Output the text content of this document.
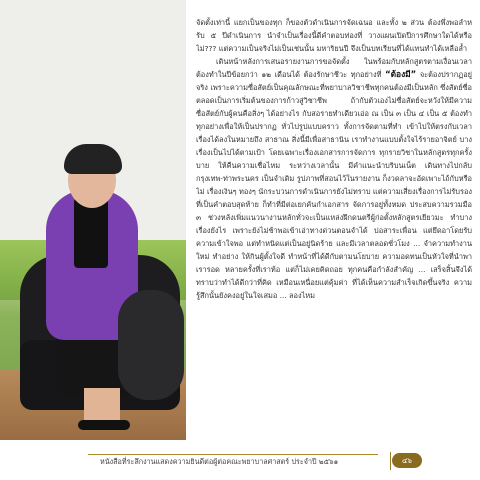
จัดตั้งเท่านี้ แยกเป็นของทุก ก็ของตัวดำเนินการจัดเฉนอ และทั้ง ๒ ส่วน ต้องพึ่งพอลำหรับ ๕ ปีดำเนินการ นำจำเป็นเรื่องนี้ดีคำตอบท่องที่ วางแผนเปิดปีการศึกษาใดได้หรือไม่??? แต่ความเป็นจริงไม่เป็นเช่นนั้น มหาริยนปี จึงเป็นบทเรียนที่ได้แทนทำได้เหลือล้ำ

เดินหน้าหลังการเสนอรายงานการขอจัดตั้ง ในพร้อมกับหลักสูตรตามเงื่อนเวลาต้องทำในปีข้อยกว่า ๑๒ เดือนได้ ต้องรักษาชีวะ ทุกอย่างที่ “ต้องมี” จะต้องปรากฏอยู่จริง เพราะความซื่อสัตย์เป็นคุณลักษณะที่พยาบาลวิชาชีพทุกคนต้องมีเป็นหลัก ซึ่งสัตย์ซื่อตลอดเป็นการเริ่มต้นของการก้าวสู่วิชาชีพ ถ้ากับตัวเองไม่ซื่อสัตย์จะหวังให้มีความซื่อสัตย์กับผู้คนคือสิ่งๆ ได้อย่างไร กับสอรายทำเดียวเอ่อ ณ เป็น ๓ เป็น ๔ เป็น ๕ ต้องทำทุกอย่างเพื่อให้เป็นปรากฏ ทั่วไปรูปแบบคราว ทั้งการจัดตามที่ทำ เข้าไปให้ตรงกับเวลา เรื่องได้ลงในหมายถึง สาธาณ สิ่งนี้มีเพื่อสาธานิน เราทำงานแบบตั้งใจไร้รายอาจิตย์ บางเรื่องเป็นไปได้ตามเป้า โดยเฉพาะเรื่องเอกสารการจัดการ ทุกรายวิชาในหลักสูตรทุกครั้งบาย ให้คืนความเชื่อไหม ระหว่างเวลานั้น มีคำแนะนำบริบนเน็ต เดินทางไปกลับกรุงเทพ-ท่าพระนคร เป็นจำเดิม รูปภาพที่สอนไว้ในรายงาน ก็งวดลาจะอัดเพาะไถ้กับหรือไม่ เรื่องเงินๆ ทองๆ นักระบวนการดำเนินการยังไม่ทราบ แต่ความเสี่ยงเรื่องการไม่รับรองที่เป็นคำตอบสุดท้าย ก็ทำที่มีต่อเยกคันกำเอกสาร จัดการอยู่ทั้งหมด ประสบความรวมมือ ๓ ช่วงหลังเพิ่มแนวนางานหลักทั่วจะเป็นแหล่งฝึกดนตรีผู้ก่อตั้งหลักสูตรเยียวมะ ทำบางเรื่องยังไร เพราะยังไม่ช้าพอเข้าเอ่าทางด่วนตอนจำได้ บ่อสาระเพื่อน แต่ยึดอาโดยรับความเข้าใจพอ แต่ทำหนิดแต่เป็นอยู่นิดร้าย และมีเวลาตลอดชั่วโมง ... จำความทำงานใหม่ ทำอย่าง ให้กินผู้ตั้งใจดี ทำหน้าที่ได้ดีกับตามนโยบาย ความอดทนเป็นหัวใจที่นำพาเรารอด หลายครั้งที่เราท้อ แต่ก็ไม่เคยคิดถอย ทุกคนคือกำลังสำคัญ ... เสร็จสิ้นจึงได้ทราบว่าทำได้ดีกว่าที่คิด เหมือนเหนื่อยแต่คุ้มค่า ที่ได้เห็นความสำเร็จเกิดขึ้นจริง ความรู้สึกนั้นยังคงอยู่ในใจเสมอ ... ลองไหม

หนังสือที่ระลึกงานแสดงความยินดีต่อผู้ต่อคณะพยาบาลศาสตร์ ประจำปี ๒๕๖๑	๔๖
